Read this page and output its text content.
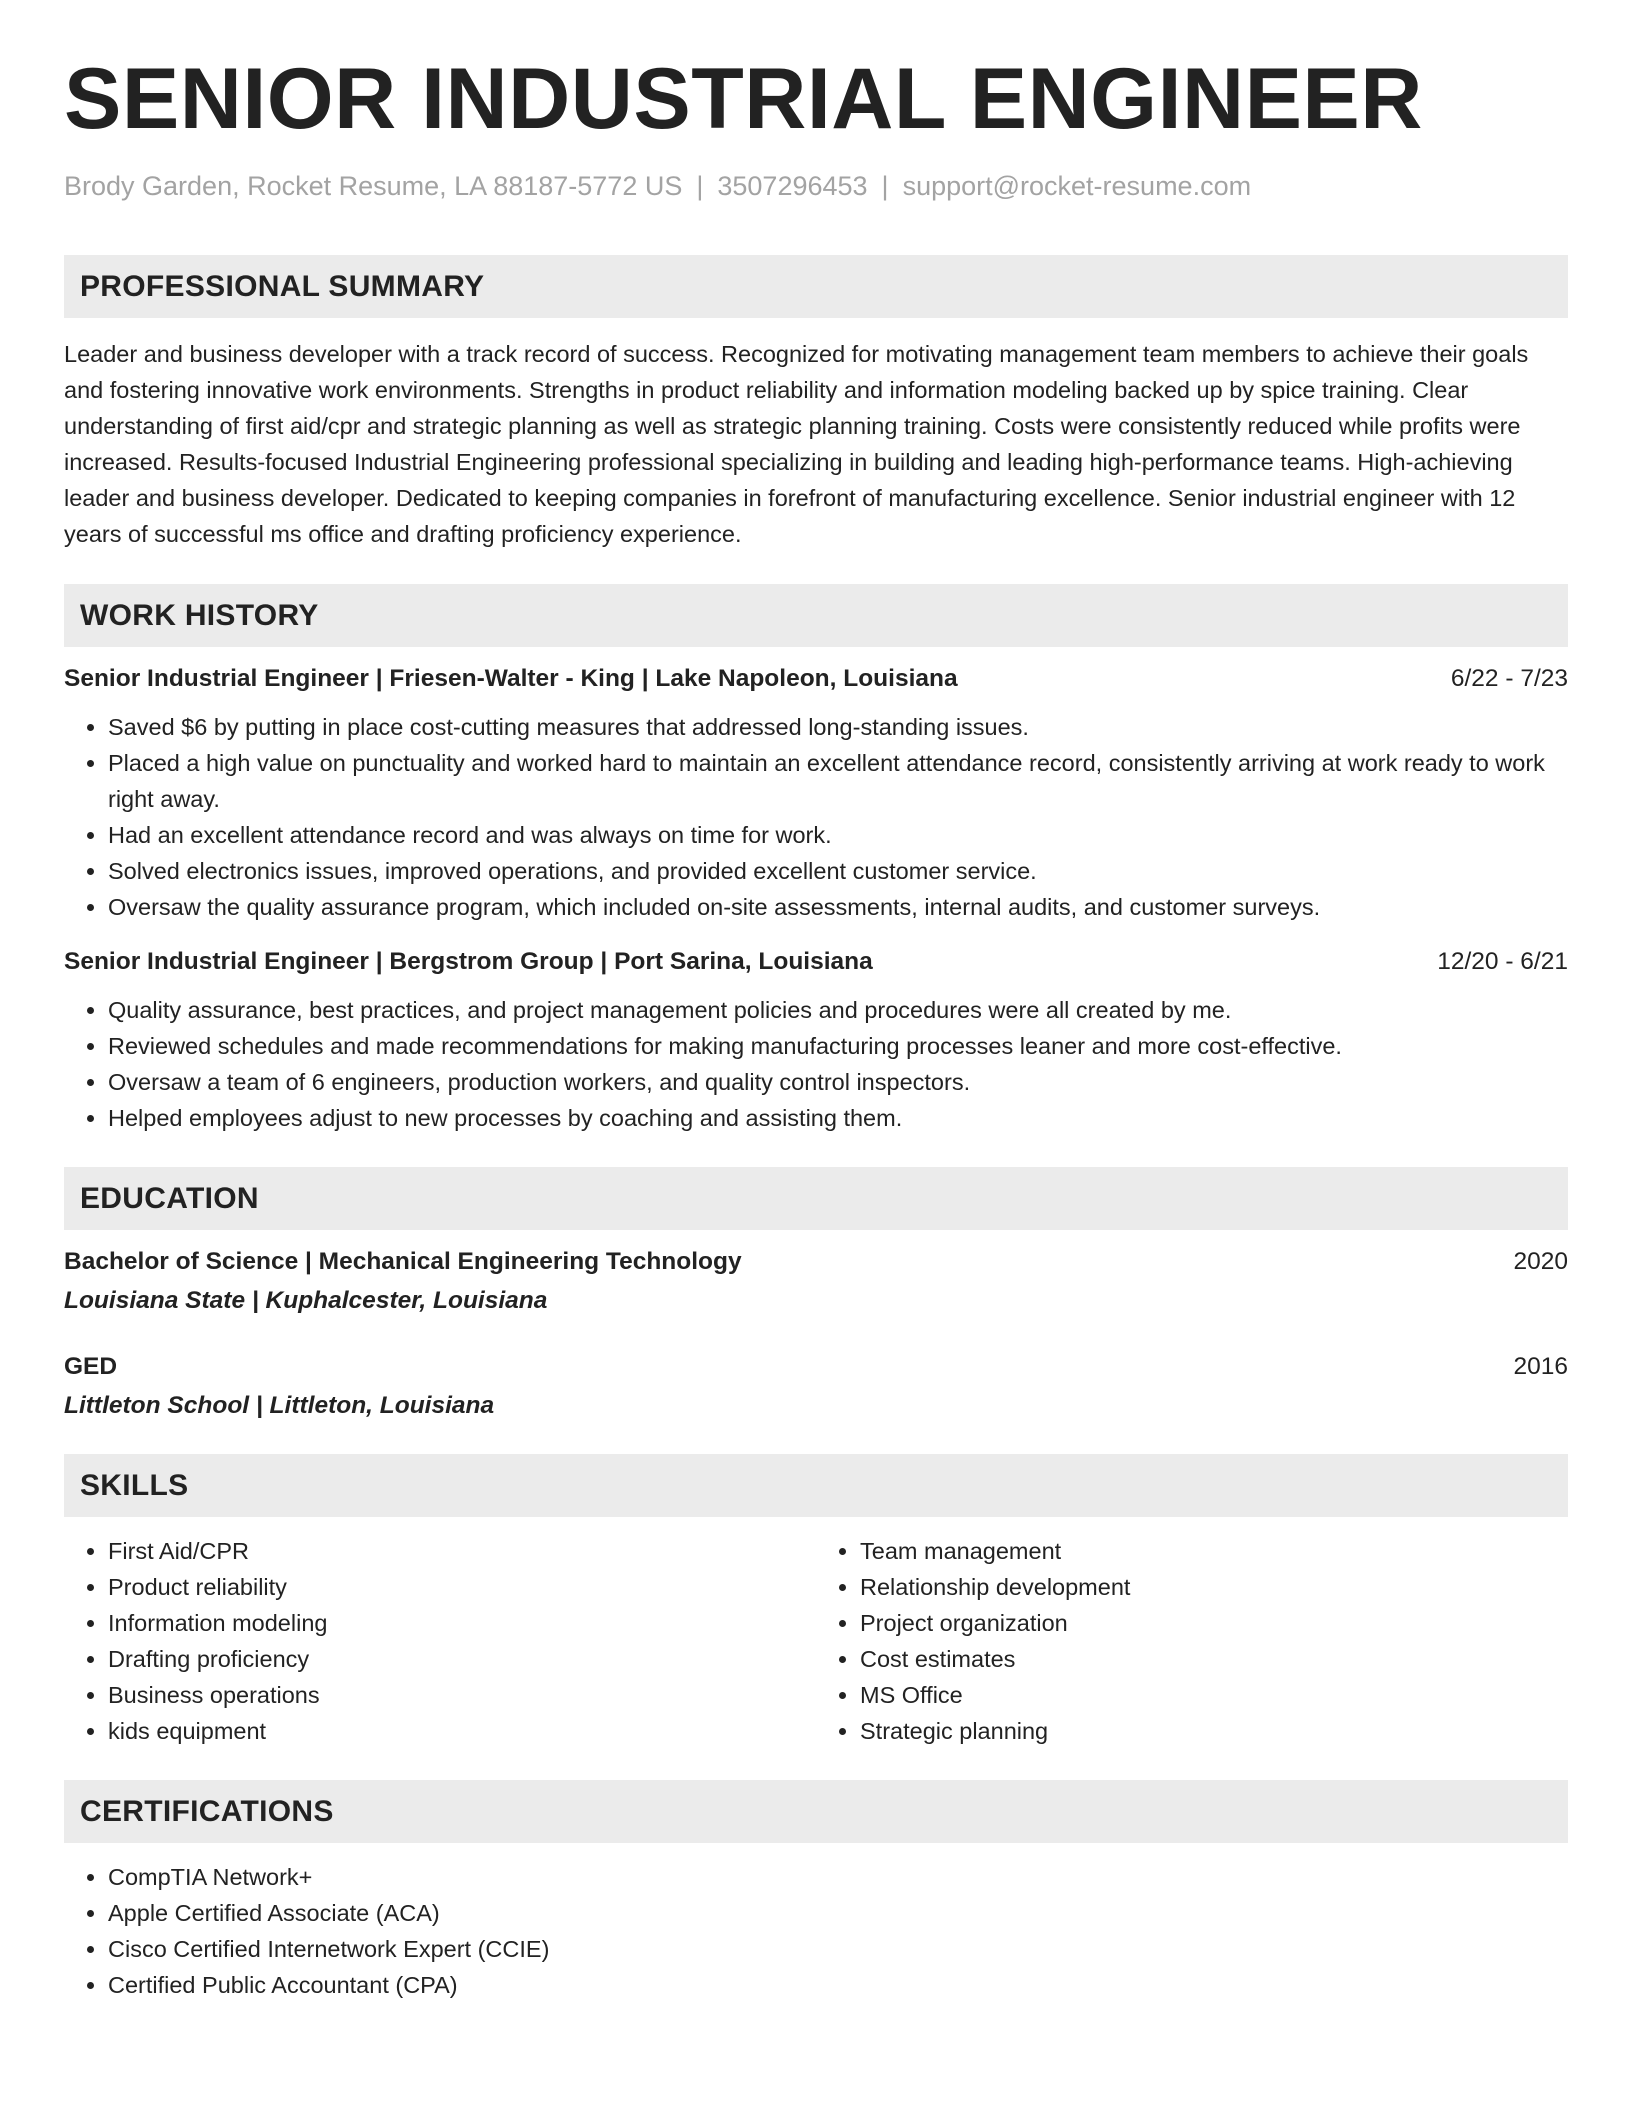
SENIOR INDUSTRIAL ENGINEER
Brody Garden, Rocket Resume, LA 88187-5772 US | 3507296453 | support@rocket-resume.com
PROFESSIONAL SUMMARY

Leader and business developer with a track record of success. Recognized for motivating management team members to achieve their goals and fostering innovative work environments. Strengths in product reliability and information modeling backed up by spice training. Clear understanding of first aid/cpr and strategic planning as well as strategic planning training. Costs were consistently reduced while profits were increased. Results-focused Industrial Engineering professional specializing in building and leading high-performance teams. High-achieving leader and business developer. Dedicated to keeping companies in forefront of manufacturing excellence. Senior industrial engineer with 12 years of successful ms office and drafting proficiency experience.

WORK HISTORY
Senior Industrial Engineer | Friesen-Walter - King | Lake Napoleon, Louisiana	6/22 - 7/23
• Saved $6 by putting in place cost-cutting measures that addressed long-standing issues.
• Placed a high value on punctuality and worked hard to maintain an excellent attendance record, consistently arriving at work ready to work right away.
• Had an excellent attendance record and was always on time for work.
• Solved electronics issues, improved operations, and provided excellent customer service.
• Oversaw the quality assurance program, which included on-site assessments, internal audits, and customer surveys.
Senior Industrial Engineer | Bergstrom Group | Port Sarina, Louisiana	12/20 - 6/21
• Quality assurance, best practices, and project management policies and procedures were all created by me.
• Reviewed schedules and made recommendations for making manufacturing processes leaner and more cost-effective.
• Oversaw a team of 6 engineers, production workers, and quality control inspectors.
• Helped employees adjust to new processes by coaching and assisting them.
EDUCATION
Bachelor of Science | Mechanical Engineering Technology	2020
Louisiana State | Kuphalcester, Louisiana
GED	2016
Littleton School | Littleton, Louisiana
SKILLS
• First Aid/CPR
• Product reliability
• Information modeling
• Drafting proficiency
• Business operations
• kids equipment
• Team management
• Relationship development
• Project organization
• Cost estimates
• MS Office
• Strategic planning
CERTIFICATIONS
• CompTIA Network+
• Apple Certified Associate (ACA)
• Cisco Certified Internetwork Expert (CCIE)
• Certified Public Accountant (CPA)
